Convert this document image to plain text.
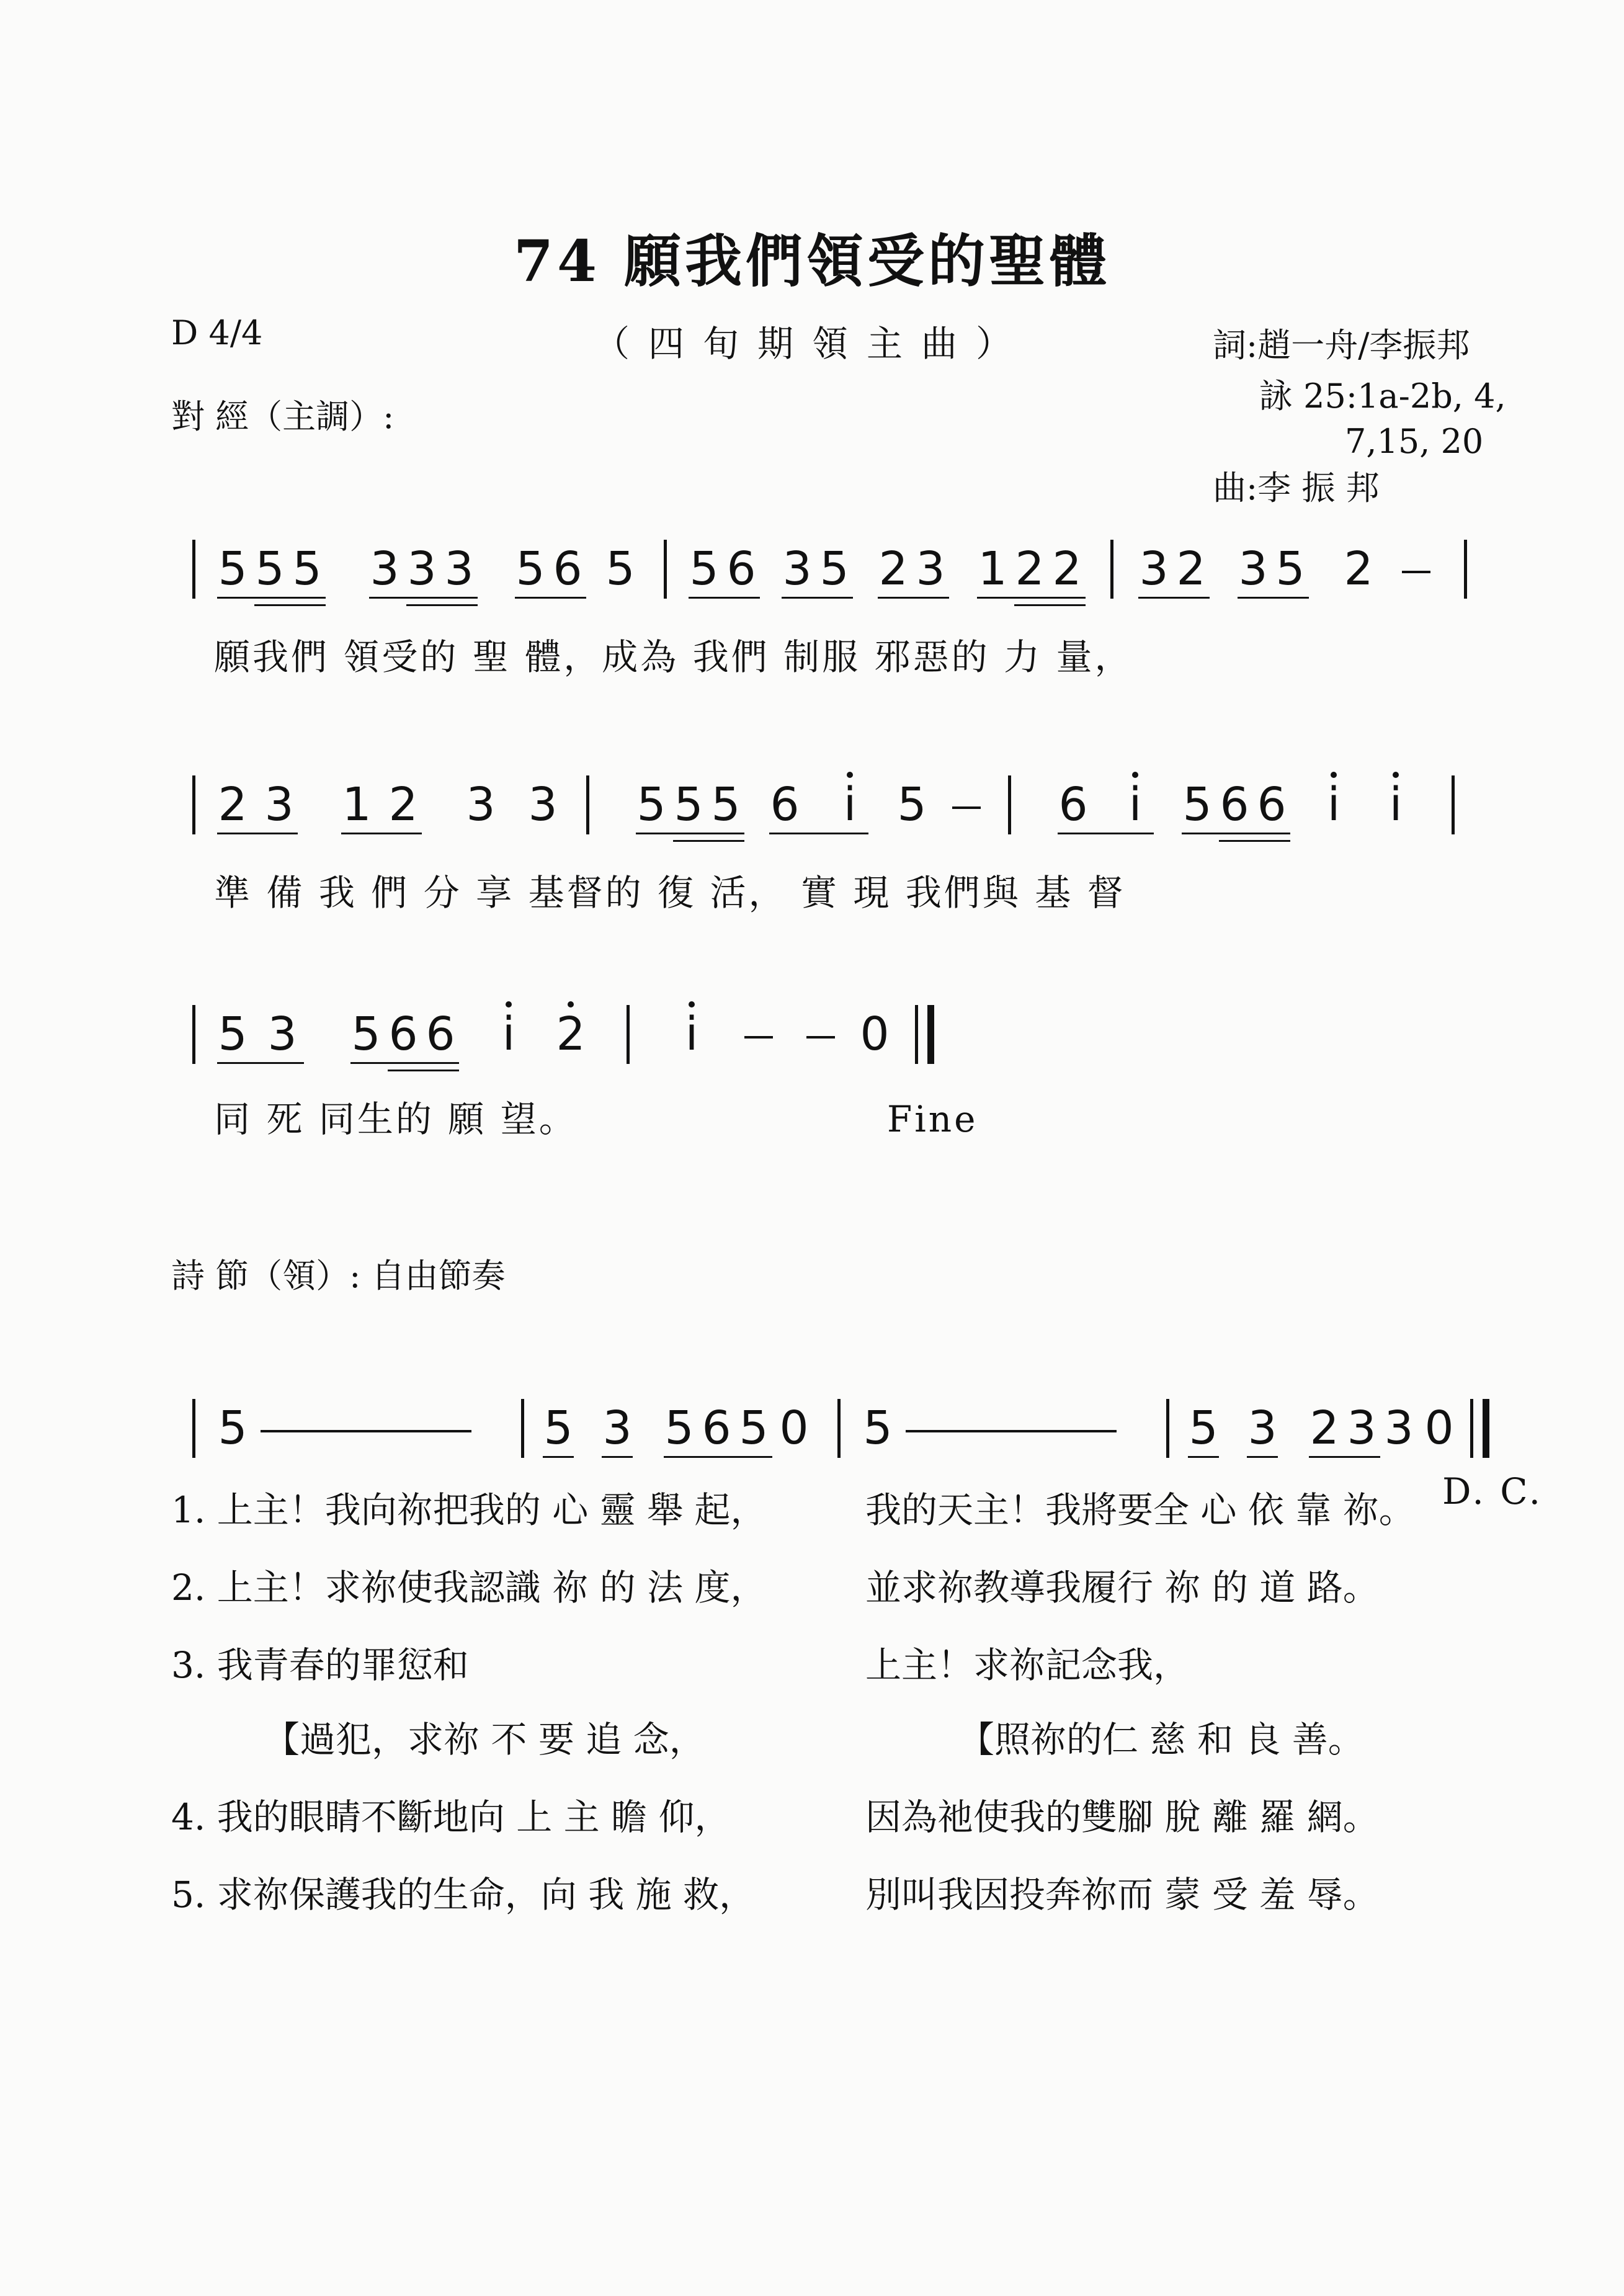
74 願我們領受的聖體
D 4/4	（四旬期領主曲）
對 經（主調）:
詞:趙一舟/李振邦
詠 25:1a-2b, 4,
7,15, 20
曲:李 振 邦
5 5 5 3 3 3 5 6 5 5 6 3 5 2 3 1 2 2 3 2 3 5 2
願我們 領受的 聖 體，成為 我們 制服 邪惡的 力 量，
2 3 1 2 3 3 5 5 5 6 i 5	6 i 5 6 6 i i
準 備 我 們 分 享 基督的 復 活， 實 現 我們與 基 督
5 3 5 6 6 i 2 i	0
同 死 同生的 願 望。	Fine
詩 節（領）: 自由節奏
5	5 3 5 6 5 0 5	5 3 2 3 3 0
D. C.
1. 上主！我向祢把我的 心 靈 舉 起，	我的天主！我將要全 心 依 靠 祢。
2. 上主！求祢使我認識 祢 的 法 度，	並求祢教導我履行 祢 的 道 路。
3. 我青春的罪愆和	上主！求祢記念我，
【過犯，求祢 不 要 追 念，	【照祢的仁 慈 和 良 善。
4. 我的眼睛不斷地向 上 主 瞻 仰，	因為祂使我的雙腳 脫 離 羅 網。
5. 求祢保護我的生命，向 我 施 救，	別叫我因投奔祢而 蒙 受 羞 辱。
